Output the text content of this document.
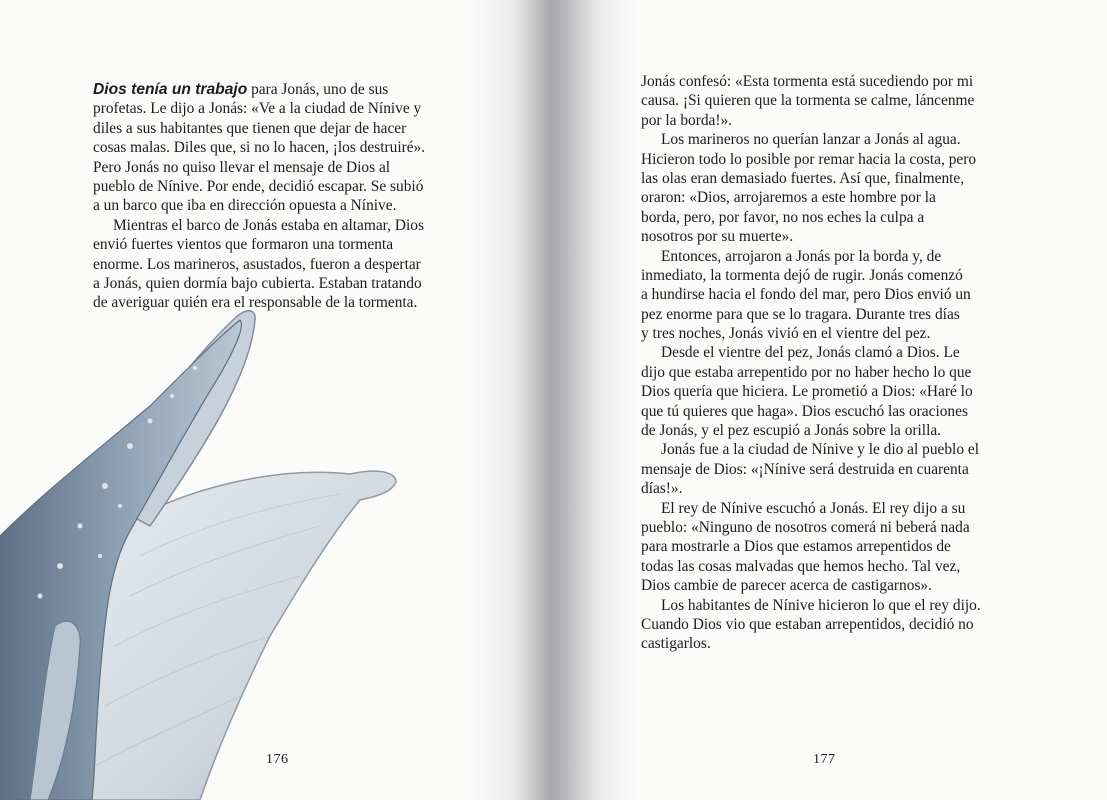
Dios tenía un trabajo para Jonás, uno de sus
profetas. Le dijo a Jonás: «Ve a la ciudad de Nínive y
diles a sus habitantes que tienen que dejar de hacer
cosas malas. Diles que, si no lo hacen, ¡los destruiré».
Pero Jonás no quiso llevar el mensaje de Dios al
pueblo de Nínive. Por ende, decidió escapar. Se subió
a un barco que iba en dirección opuesta a Nínive.
Mientras el barco de Jonás estaba en altamar, Dios
envió fuertes vientos que formaron una tormenta
enorme. Los marineros, asustados, fueron a despertar
a Jonás, quien dormía bajo cubierta. Estaban tratando
de averiguar quién era el responsable de la tormenta.
176
Jonás confesó: «Esta tormenta está sucediendo por mi
causa. ¡Si quieren que la tormenta se calme, láncenme
por la borda!».
Los marineros no querían lanzar a Jonás al agua.
Hicieron todo lo posible por remar hacia la costa, pero
las olas eran demasiado fuertes. Así que, finalmente,
oraron: «Dios, arrojaremos a este hombre por la
borda, pero, por favor, no nos eches la culpa a
nosotros por su muerte».
Entonces, arrojaron a Jonás por la borda y, de
inmediato, la tormenta dejó de rugir. Jonás comenzó
a hundirse hacia el fondo del mar, pero Dios envió un
pez enorme para que se lo tragara. Durante tres días
y tres noches, Jonás vivió en el vientre del pez.
Desde el vientre del pez, Jonás clamó a Dios. Le
dijo que estaba arrepentido por no haber hecho lo que
Dios quería que hiciera. Le prometió a Dios: «Haré lo
que tú quieres que haga». Dios escuchó las oraciones
de Jonás, y el pez escupió a Jonás sobre la orilla.
Jonás fue a la ciudad de Nínive y le dio al pueblo el
mensaje de Dios: «¡Nínive será destruida en cuarenta
días!».
El rey de Nínive escuchó a Jonás. El rey dijo a su
pueblo: «Ninguno de nosotros comerá ni beberá nada
para mostrarle a Dios que estamos arrepentidos de
todas las cosas malvadas que hemos hecho. Tal vez,
Dios cambie de parecer acerca de castigarnos».
Los habitantes de Nínive hicieron lo que el rey dijo.
Cuando Dios vio que estaban arrepentidos, decidió no
castigarlos.
177
